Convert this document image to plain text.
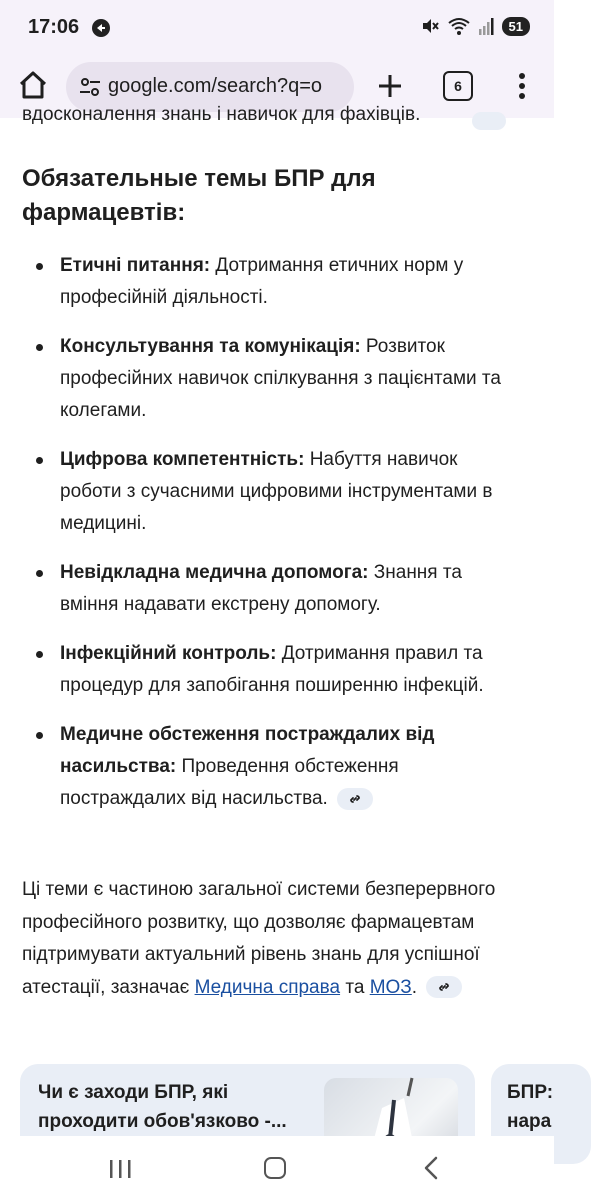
17:06	51
google.com/search?q=o	6
вдосконалення знань і навичок для фахівців.
Обязательные темы БПР для фармацевтів:
Етичні питання: Дотримання етичних норм у професійній діяльності.
Консультування та комунікація: Розвиток професійних навичок спілкування з пацієнтами та колегами.
Цифрова компетентність: Набуття навичок роботи з сучасними цифровими інструментами в медицині.
Невідкладна медична допомога: Знання та вміння надавати екстрену допомогу.
Інфекційний контроль: Дотримання правил та процедур для запобігання поширенню інфекцій.
Медичне обстеження постраждалих від насильства: Проведення обстеження постраждалих від насильства.

Ці теми є частиною загальної системи безперервного професійного розвитку, що дозволяє фармацевтам підтримувати актуальний рівень знань для успішної атестації, зазначає Медична справа та МОЗ.

Чи є заходи БПР, які проходити обов'язково -...
БПР: нара
